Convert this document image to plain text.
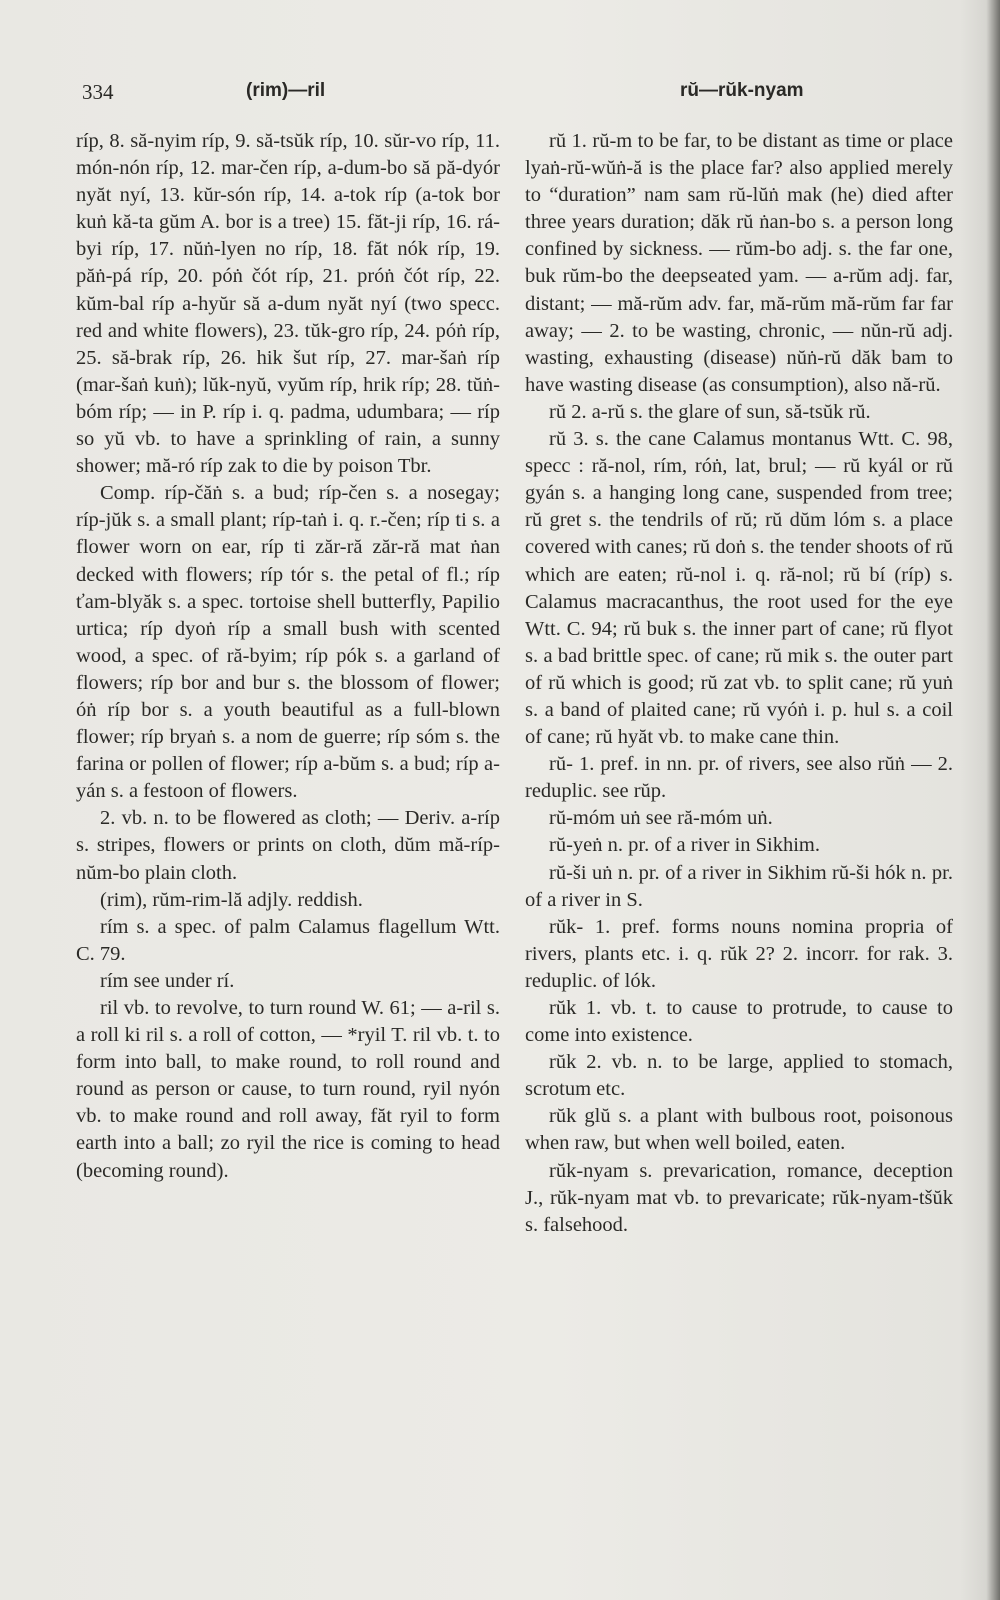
334	(rim)—ril	rŭ—rŭk-nyam

ríp, 8. să-nyim ríp, 9. să-tsŭk ríp, 10. sŭr-vo ríp, 11. món-nón ríp, 12. mar-čen ríp, a-dum-bo să pă-dyór nyăt nyí, 13. kŭr-són ríp, 14. a-tok ríp (a-tok bor kuṅ kă-ta gŭm A. bor is a tree) 15. făt-ji ríp, 16. rá-byi ríp, 17. nŭṅ-lyen no ríp, 18. făt nók ríp, 19. păṅ-pá ríp, 20. póṅ čót ríp, 21. próṅ čót ríp, 22. kŭm-bal ríp a-hyŭr să a-dum nyăt nyí (two specc. red and white flowers), 23. tŭk-gro ríp, 24. póṅ ríp, 25. să-brak ríp, 26. hik šut ríp, 27. mar-šaṅ ríp (mar-šaṅ kuṅ); lŭk-nyŭ, vyŭm ríp, hrik ríp; 28. tŭṅ-bóm ríp; — in P. ríp i. q. padma, udumbara; — ríp so yŭ vb. to have a sprinkling of rain, a sunny shower; mă-ró ríp zak to die by poison Tbr.

Comp. ríp-čăṅ s. a bud; ríp-čen s. a nosegay; ríp-jŭk s. a small plant; ríp-taṅ i. q. r.-čen; ríp ti s. a flower worn on ear, ríp ti zăr-ră zăr-ră mat ṅan decked with flowers; ríp tór s. the petal of fl.; ríp ťam-blyăk s. a spec. tortoise shell butterfly, Papilio urtica; ríp dyoṅ ríp a small bush with scented wood, a spec. of ră-byim; ríp pók s. a garland of flowers; ríp bor and bur s. the blossom of flower; óṅ ríp bor s. a youth beautiful as a full-blown flower; ríp bryaṅ s. a nom de guerre; ríp sóm s. the farina or pollen of flower; ríp a-bŭm s. a bud; ríp a-yán s. a festoon of flowers.

2. vb. n. to be flowered as cloth; — Deriv. a-ríp s. stripes, flowers or prints on cloth, dŭm mă-ríp-nŭm-bo plain cloth.

(rim), rŭm-rim-lă adjly. reddish.

rím s. a spec. of palm Calamus flagellum Wtt. C. 79.

rím see under rí.

ril vb. to revolve, to turn round W. 61; — a-ril s. a roll ki ril s. a roll of cotton, — *ryil T. ril vb. t. to form into ball, to make round, to roll round and round as person or cause, to turn round, ryil nyón vb. to make round and roll away, făt ryil to form earth into a ball; zo ryil the rice is coming to head (becoming round).

rŭ 1. rŭ-m to be far, to be distant as time or place lyaṅ-rŭ-wŭṅ-ă is the place far? also applied merely to “duration” nam sam rŭ-lŭṅ mak (he) died after three years duration; dăk rŭ ṅan-bo s. a person long confined by sickness. — rŭm-bo adj. s. the far one, buk rŭm-bo the deepseated yam. — a-rŭm adj. far, distant; — mă-rŭm adv. far, mă-rŭm mă-rŭm far far away; — 2. to be wasting, chronic, — nŭn-rŭ adj. wasting, exhausting (disease) nŭṅ-rŭ dăk bam to have wasting disease (as consumption), also nă-rŭ.

rŭ 2. a-rŭ s. the glare of sun, să-tsŭk rŭ.

rŭ 3. s. the cane Calamus montanus Wtt. C. 98, specc : ră-nol, rím, róṅ, lat, brul; — rŭ kyál or rŭ gyán s. a hanging long cane, suspended from tree; rŭ gret s. the tendrils of rŭ; rŭ dŭm lóm s. a place covered with canes; rŭ doṅ s. the tender shoots of rŭ which are eaten; rŭ-nol i. q. ră-nol; rŭ bí (ríp) s. Calamus macracanthus, the root used for the eye Wtt. C. 94; rŭ buk s. the inner part of cane; rŭ flyot s. a bad brittle spec. of cane; rŭ mik s. the outer part of rŭ which is good; rŭ zat vb. to split cane; rŭ yuṅ s. a band of plaited cane; rŭ vyóṅ i. p. hul s. a coil of cane; rŭ hyăt vb. to make cane thin.

rŭ- 1. pref. in nn. pr. of rivers, see also rŭṅ — 2. reduplic. see rŭp.

rŭ-móm uṅ see ră-móm uṅ.

rŭ-yeṅ n. pr. of a river in Sikhim.

rŭ-ši uṅ n. pr. of a river in Sikhim rŭ-ši hók n. pr. of a river in S.

rŭk- 1. pref. forms nouns nomina propria of rivers, plants etc. i. q. rŭk 2? 2. incorr. for rak. 3. reduplic. of lók.

rŭk 1. vb. t. to cause to protrude, to cause to come into existence.

rŭk 2. vb. n. to be large, applied to stomach, scrotum etc.

rŭk glŭ s. a plant with bulbous root, poisonous when raw, but when well boiled, eaten.

rŭk-nyam s. prevarication, romance, deception J., rŭk-nyam mat vb. to prevaricate; rŭk-nyam-tšŭk s. falsehood.
